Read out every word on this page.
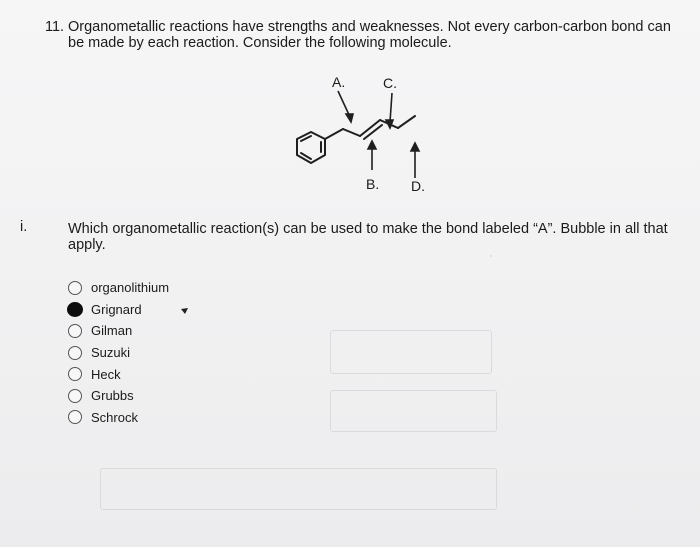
11. Organometallic reactions have strengths and weaknesses. Not every carbon-carbon bond can be made by each reaction. Consider the following molecule.
A.	C.
B. D.
i.	Which organometallic reaction(s) can be used to make the bond labeled “A”. Bubble in all that apply.
organolithium
Grignard
Gilman
Suzuki
Heck
Grubbs
Schrock
